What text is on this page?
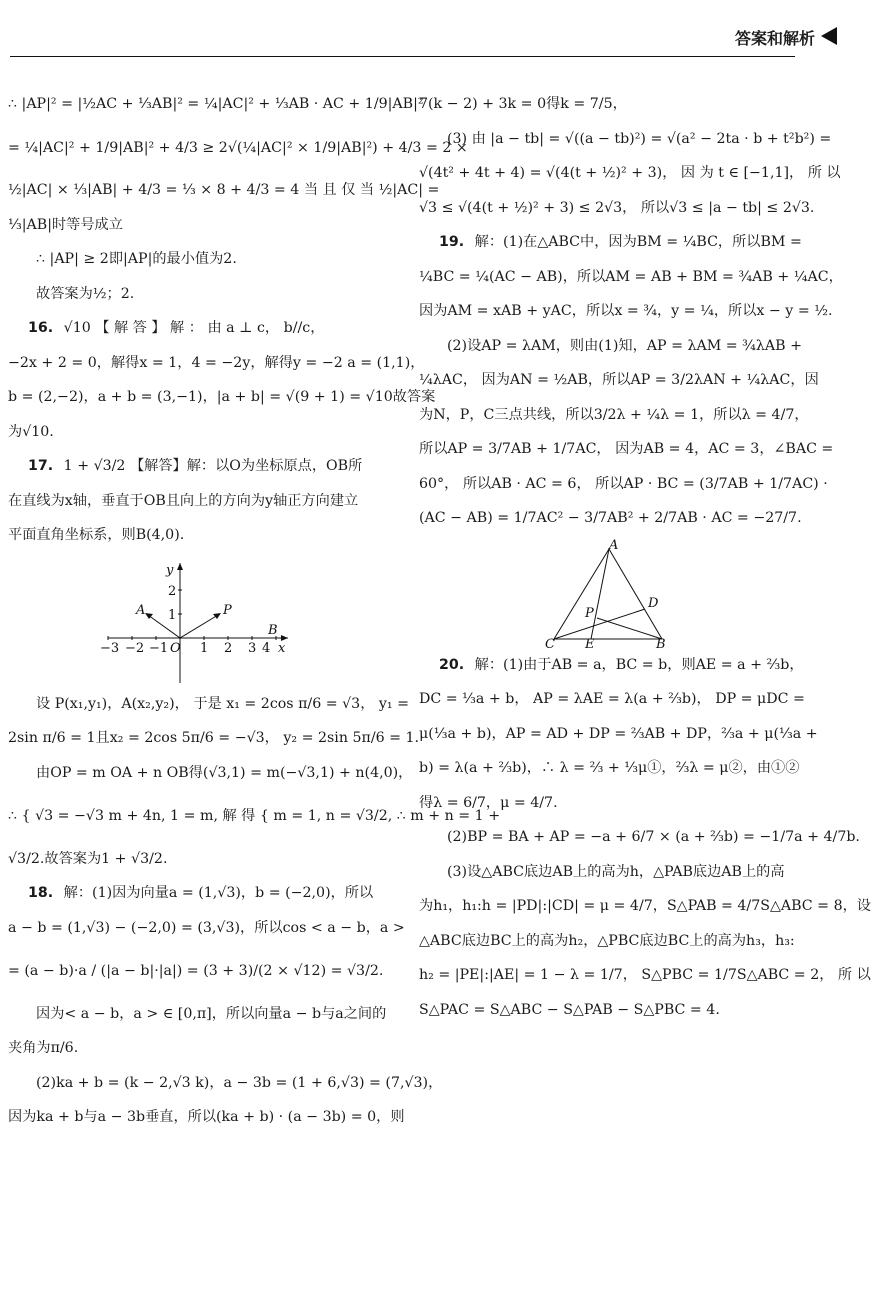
答案和解析
∴ |AP|² = |½AC + ⅓AB|² = ¼|AC|² + ⅓AB · AC + 1/9|AB|²
= ¼|AC|² + 1/9|AB|² + 4/3 ≥ 2√(¼|AC|² × 1/9|AB|²) + 4/3 = 2 ×
½|AC| × ⅓|AB| + 4/3 = ⅓ × 8 + 4/3 = 4 当 且 仅 当 ½|AC| =
⅓|AB|时等号成立
∴ |AP| ≥ 2即|AP|的最小值为2.
故答案为½；2.
16. √10 【 解 答 】 解 ： 由 a ⊥ c， b//c，
−2x + 2 = 0，解得x = 1，4 = −2y，解得y = −2 a = (1,1)，
b = (2,−2)，a + b = (3,−1)，|a + b| = √(9 + 1) = √10故答案
为√10.
17. 1 + √3/2 【解答】解：以O为坐标原点，OB所
在直线为x轴，垂直于OB且向上的方向为y轴正方向建立
平面直角坐标系，则B(4,0).
y
x
O
−3 −2 −1 1 2 3 4
1
2
A	P
B
设 P(x₁,y₁)，A(x₂,y₂)， 于是 x₁ = 2cos π/6 = √3， y₁ =
2sin π/6 = 1且x₂ = 2cos 5π/6 = −√3， y₂ = 2sin 5π/6 = 1.
由OP = m OA + n OB得(√3,1) = m(−√3,1) + n(4,0)，
∴ { √3 = −√3 m + 4n, 1 = m, 解 得 { m = 1, n = √3/2, ∴ m + n = 1 +
√3/2.故答案为1 + √3/2.
18. 解：(1)因为向量a = (1,√3)，b = (−2,0)，所以
a − b = (1,√3) − (−2,0) = (3,√3)，所以cos < a − b，a >
= (a − b)·a / (|a − b|·|a|) = (3 + 3)/(2 × √12) = √3/2.
因为< a − b，a > ∈ [0,π]，所以向量a − b与a之间的
夹角为π/6.
(2)ka + b = (k − 2,√3 k)，a − 3b = (1 + 6,√3) = (7,√3)，
因为ka + b与a − 3b垂直，所以(ka + b) · (a − 3b) = 0，则
7(k − 2) + 3k = 0得k = 7/5，
(3) 由 |a − tb| = √((a − tb)²) = √(a² − 2ta · b + t²b²) =
√(4t² + 4t + 4) = √(4(t + ½)² + 3)， 因 为 t ∈ [−1,1]， 所 以
√3 ≤ √(4(t + ½)² + 3) ≤ 2√3， 所以√3 ≤ |a − tb| ≤ 2√3.
19. 解：(1)在△ABC中，因为BM = ¼BC，所以BM =
¼BC = ¼(AC − AB)，所以AM = AB + BM = ¾AB + ¼AC，
因为AM = xAB + yAC，所以x = ¾，y = ¼，所以x − y = ½.
(2)设AP = λAM，则由(1)知，AP = λAM = ¾λAB +
¼λAC， 因为AN = ½AB，所以AP = 3/2λAN + ¼λAC，因
为N，P，C三点共线，所以3/2λ + ¼λ = 1，所以λ = 4/7，
所以AP = 3/7AB + 1/7AC， 因为AB = 4，AC = 3，∠BAC =
60°， 所以AB · AC = 6， 所以AP · BC = (3/7AB + 1/7AC) ·
(AC − AB) = 1/7AC² − 3/7AB² + 2/7AB · AC = −27/7.
A
P
D
C E	B
20. 解：(1)由于AB = a，BC = b，则AE = a + ⅔b，
DC = ⅓a + b， AP = λAE = λ(a + ⅔b)， DP = μDC =
μ(⅓a + b)，AP = AD + DP = ⅔AB + DP，⅔a + μ(⅓a +
b) = λ(a + ⅔b)，∴ λ = ⅔ + ⅓μ①，⅔λ = μ②，由①②
得λ = 6/7，μ = 4/7.
(2)BP = BA + AP = −a + 6/7 × (a + ⅔b) = −1/7a + 4/7b.
(3)设△ABC底边AB上的高为h，△PAB底边AB上的高
为h₁，h₁:h = |PD|:|CD| = μ = 4/7，S△PAB = 4/7S△ABC = 8，设
△ABC底边BC上的高为h₂，△PBC底边BC上的高为h₃，h₃:
h₂ = |PE|:|AE| = 1 − λ = 1/7， S△PBC = 1/7S△ABC = 2， 所 以
S△PAC = S△ABC − S△PAB − S△PBC = 4.
